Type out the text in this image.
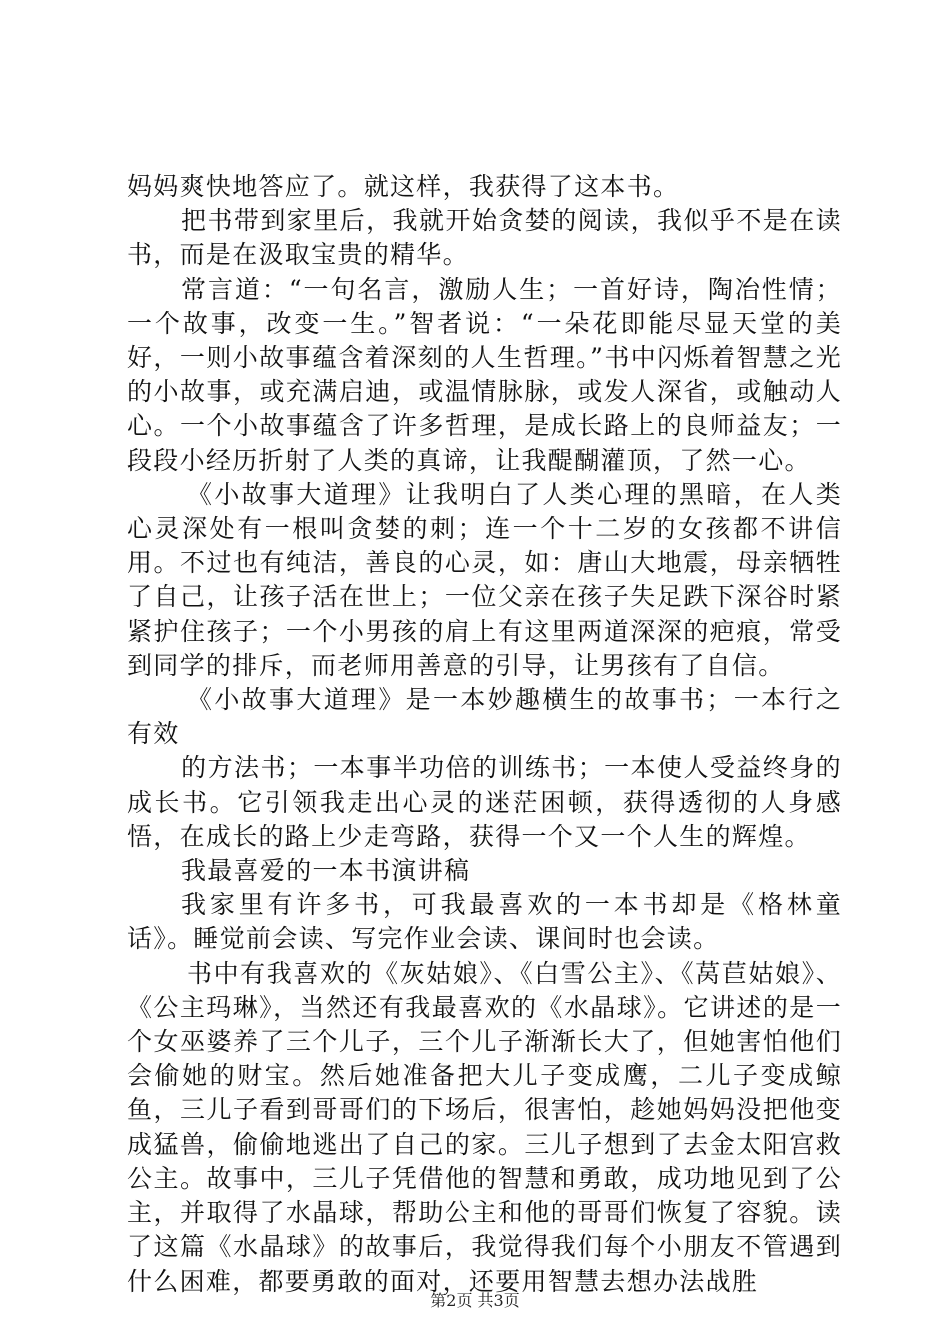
妈妈爽快地答应了。就这样，我获得了这本书。

把书带到家里后，我就开始贪婪的阅读，我似乎不是在读书，而是在汲取宝贵的精华。

常言道：“一句名言，激励人生；一首好诗，陶冶性情；一个故事，改变一生。”智者说：“一朵花即能尽显天堂的美好，一则小故事蕴含着深刻的人生哲理。”书中闪烁着智慧之光的小故事，或充满启迪，或温情脉脉，或发人深省，或触动人心。一个小故事蕴含了许多哲理，是成长路上的良师益友；一段段小经历折射了人类的真谛，让我醍醐灌顶，了然一心。

《小故事大道理》让我明白了人类心理的黑暗，在人类心灵深处有一根叫贪婪的刺；连一个十二岁的女孩都不讲信用。不过也有纯洁，善良的心灵，如：唐山大地震，母亲牺牲了自己，让孩子活在世上；一位父亲在孩子失足跌下深谷时紧紧护住孩子；一个小男孩的肩上有这里两道深深的疤痕，常受到同学的排斥，而老师用善意的引导，让男孩有了自信。

《小故事大道理》是一本妙趣横生的故事书；一本行之有效

的方法书；一本事半功倍的训练书；一本使人受益终身的成长书。它引领我走出心灵的迷茫困顿，获得透彻的人身感悟，在成长的路上少走弯路，获得一个又一个人生的辉煌。

我最喜爱的一本书演讲稿

我家里有许多书，可我最喜欢的一本书却是《格林童话》。睡觉前会读、写完作业会读、课间时也会读。

书中有我喜欢的《灰姑娘》、《白雪公主》、《莴苣姑娘》、《公主玛琳》，当然还有我最喜欢的《水晶球》。它讲述的是一个女巫婆养了三个儿子，三个儿子渐渐长大了，但她害怕他们会偷她的财宝。然后她准备把大儿子变成鹰，二儿子变成鲸鱼，三儿子看到哥哥们的下场后，很害怕，趁她妈妈没把他变成猛兽，偷偷地逃出了自己的家。三儿子想到了去金太阳宫救公主。故事中，三儿子凭借他的智慧和勇敢，成功地见到了公主，并取得了水晶球，帮助公主和他的哥哥们恢复了容貌。读了这篇《水晶球》的故事后，我觉得我们每个小朋友不管遇到什么困难，都要勇敢的面对，还要用智慧去想办法战胜

第2页 共3页
